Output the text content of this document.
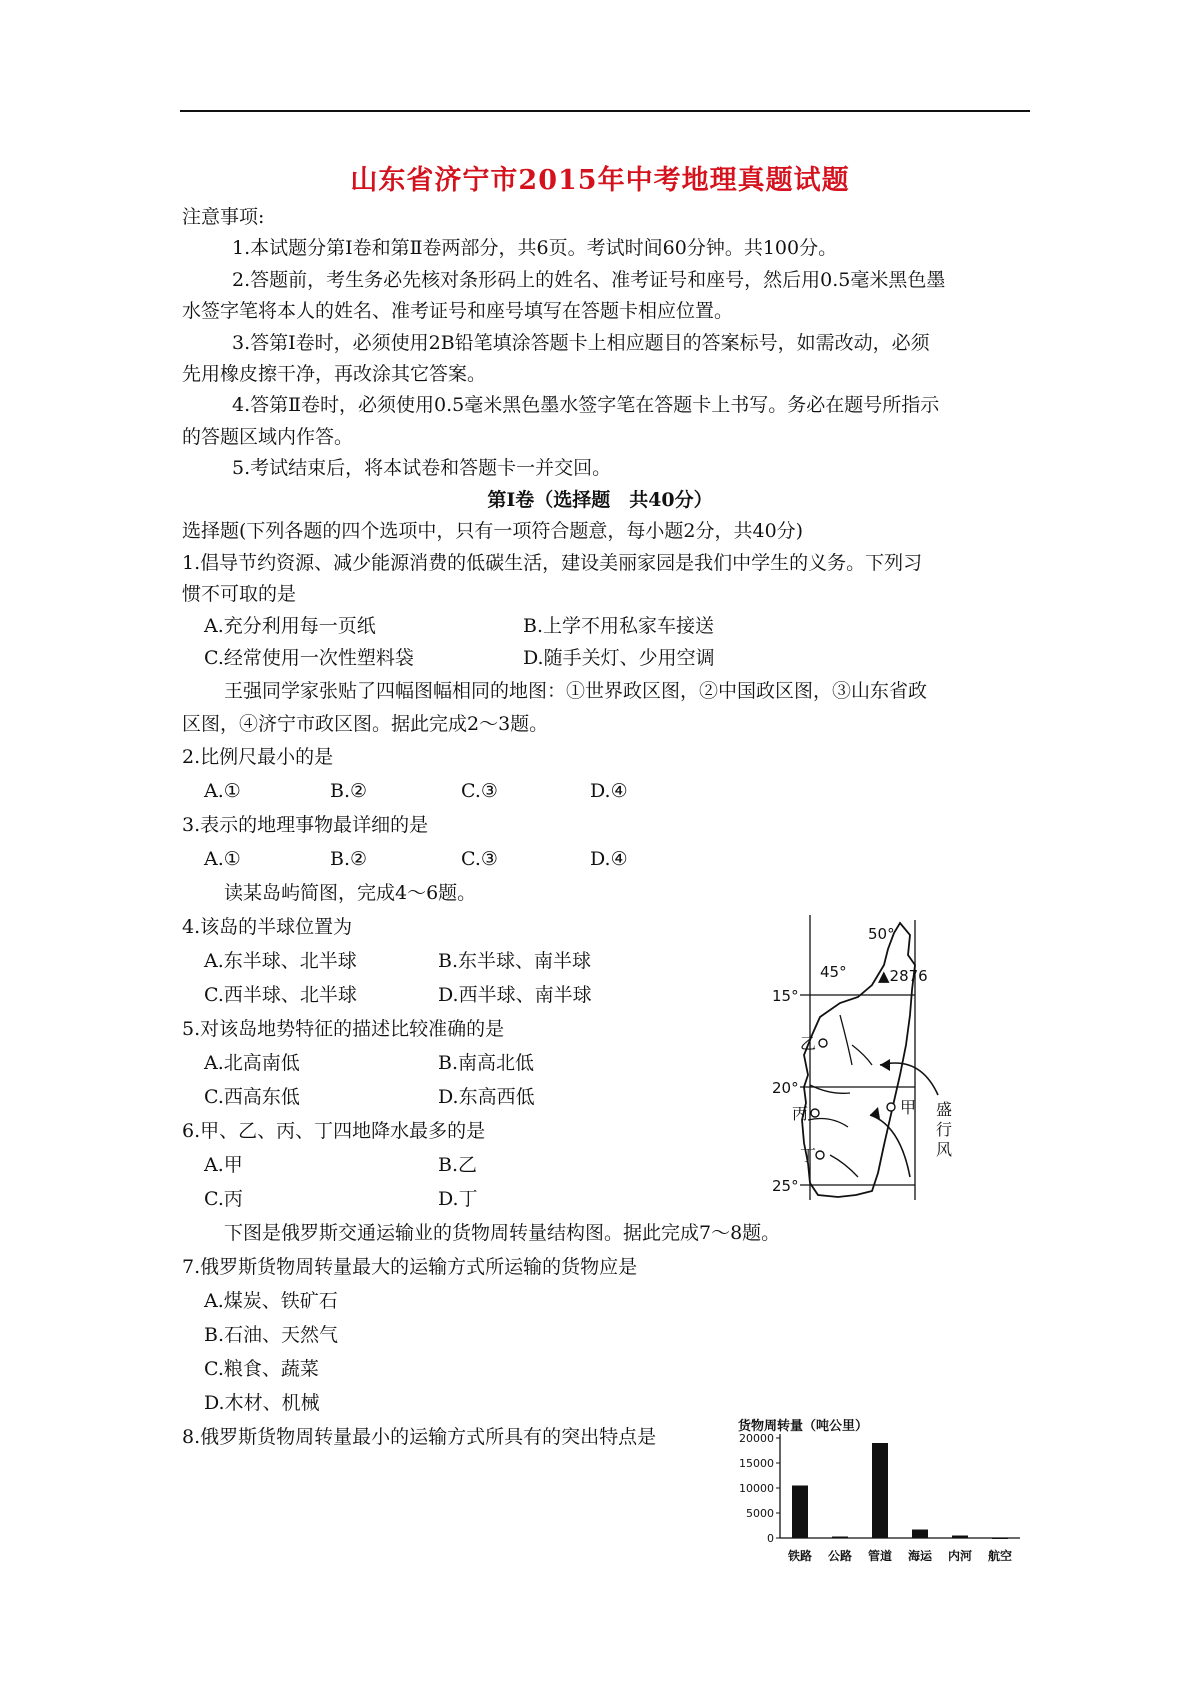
山东省济宁市2015年中考地理真题试题
注意事项:
1.本试题分第Ⅰ卷和第Ⅱ卷两部分，共6页。考试时间60分钟。共100分。
2.答题前，考生务必先核对条形码上的姓名、准考证号和座号，然后用0.5毫米黑色墨
水签字笔将本人的姓名、准考证号和座号填写在答题卡相应位置。
3.答第Ⅰ卷时，必须使用2B铅笔填涂答题卡上相应题目的答案标号，如需改动，必须
先用橡皮擦干净，再改涂其它答案。
4.答第Ⅱ卷时，必须使用0.5毫米黑色墨水签字笔在答题卡上书写。务必在题号所指示
的答题区域内作答。
5.考试结束后，将本试卷和答题卡一并交回。
第Ⅰ卷（选择题　共40分）
选择题(下列各题的四个选项中，只有一项符合题意，每小题2分，共40分)
1.倡导节约资源、减少能源消费的低碳生活，建设美丽家园是我们中学生的义务。下列习
惯不可取的是
A.充分利用每一页纸	B.上学不用私家车接送
C.经常使用一次性塑料袋	D.随手关灯、少用空调
王强同学家张贴了四幅图幅相同的地图：①世界政区图，②中国政区图，③山东省政
区图，④济宁市政区图。据此完成2～3题。
2.比例尺最小的是
A.①	B.②	C.③	D.④
3.表示的地理事物最详细的是
A.①	B.②	C.③	D.④
读某岛屿简图，完成4～6题。
4.该岛的半球位置为
A.东半球、北半球	B.东半球、南半球
C.西半球、北半球	D.西半球、南半球
5.对该岛地势特征的描述比较准确的是
A.北高南低	B.南高北低
C.西高东低	D.东高西低
6.甲、乙、丙、丁四地降水最多的是
A.甲	B.乙
C.丙	D.丁
下图是俄罗斯交通运输业的货物周转量结构图。据此完成7～8题。
7.俄罗斯货物周转量最大的运输方式所运输的货物应是
A.煤炭、铁矿石
B.石油、天然气
C.粮食、蔬菜
D.木材、机械
8.俄罗斯货物周转量最小的运输方式所具有的突出特点是
45°
50°
15°
20°
25°
▲2876
乙
丙	甲
丁
盛
行
风
货物周转量（吨公里）
0
5000
10000
15000
20000
铁路 公路 管道 海运 内河 航空
